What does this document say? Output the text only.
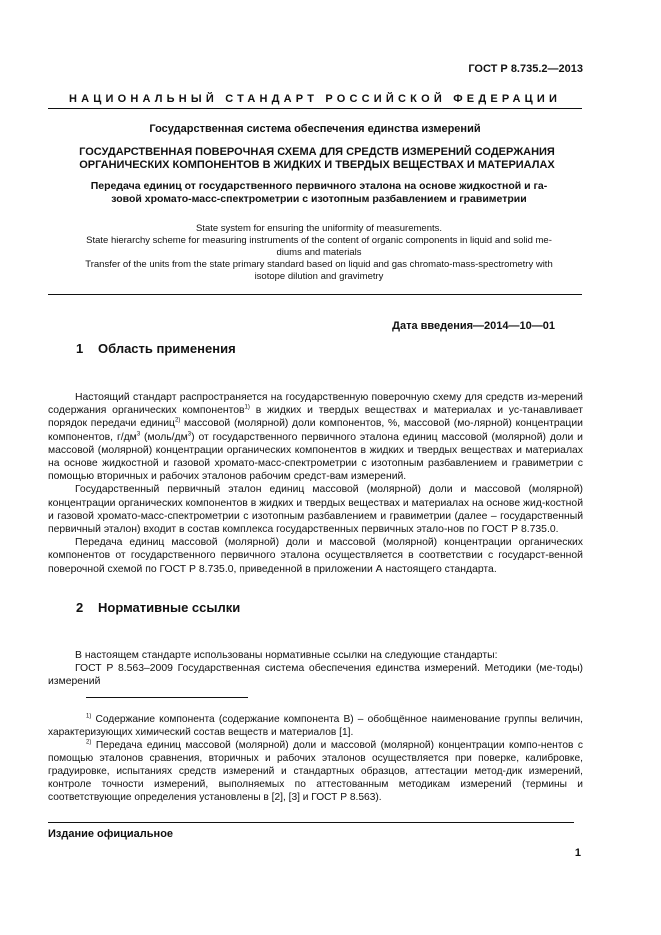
ГОСТ Р 8.735.2—2013
НАЦИОНАЛЬНЫЙ СТАНДАРТ РОССИЙСКОЙ ФЕДЕРАЦИИ
Государственная система обеспечения единства измерений
ГОСУДАРСТВЕННАЯ ПОВЕРОЧНАЯ СХЕМА ДЛЯ СРЕДСТВ ИЗМЕРЕНИЙ СОДЕРЖАНИЯ
ОРГАНИЧЕСКИХ КОМПОНЕНТОВ В ЖИДКИХ И ТВЕРДЫХ ВЕЩЕСТВАХ И МАТЕРИАЛАХ
Передача единиц от государственного первичного эталона на основе жидкостной и га-
зовой хромато-масс-спектрометрии с изотопным разбавлением и гравиметрии
State system for ensuring the uniformity of measurements.
State hierarchy scheme for measuring instruments of the content of organic components in liquid and solid me-
diums and materials
Transfer of the units from the state primary standard based on liquid and gas chromato-mass-spectrometry with
isotope dilution and gravimetry
Дата введения—2014—10—01
1 Область применения

Настоящий стандарт распространяется на государственную поверочную схему для средств из-мерений содержания органических компонентов$^{1)}$ в жидких и твердых веществах и материалах и ус-танавливает порядок передачи единиц$^{2)}$ массовой (молярной) доли компонентов, %, массовой (мо-лярной) концентрации компонентов, $г/дм^3$ $(моль/дм^3)$ от государственного первичного эталона единиц массовой (молярной) доли и массовой (молярной) концентрации органических компонентов в жидких и твердых веществах и материалах на основе жидкостной и газовой хромато-масс-спектрометрии с изотопным разбавлением и гравиметрии с помощью вторичных и рабочих эталонов рабочим средст-вам измерений.

Государственный первичный эталон единиц массовой (молярной) доли и массовой (молярной) концентрации органических компонентов в жидких и твердых веществах и материалах на основе жид-костной и газовой хромато-масс-спектрометрии с изотопным разбавлением и гравиметрии (далее – государственный первичный эталон) входит в состав комплекса государственных первичных этало-нов по ГОСТ Р 8.735.0.

Передача единиц массовой (молярной) доли и массовой (молярной) концентрации органических компонентов от государственного первичного эталона осуществляется в соответствии с государст-венной поверочной схемой по ГОСТ Р 8.735.0, приведенной в приложении А настоящего стандарта.

2 Нормативные ссылки

В настоящем стандарте использованы нормативные ссылки на следующие стандарты:

ГОСТ Р 8.563–2009 Государственная система обеспечения единства измерений. Методики (ме-тоды) измерений

$^{1)}$ Содержание компонента (содержание компонента В) – обобщённое наименование группы величин, характеризующих химический состав веществ и материалов [1].

$^{2)}$ Передача единиц массовой (молярной) доли и массовой (молярной) концентрации компо-нентов с помощью эталонов сравнения, вторичных и рабочих эталонов осуществляется при поверке, калибровке, градуировке, испытаниях средств измерений и стандартных образцов, аттестации метод-дик измерений, контроле точности измерений, выполняемых по аттестованным методикам измерений (термины и соответствующие определения установлены в [2], [3] и ГОСТ Р 8.563).

Издание официальное
1
